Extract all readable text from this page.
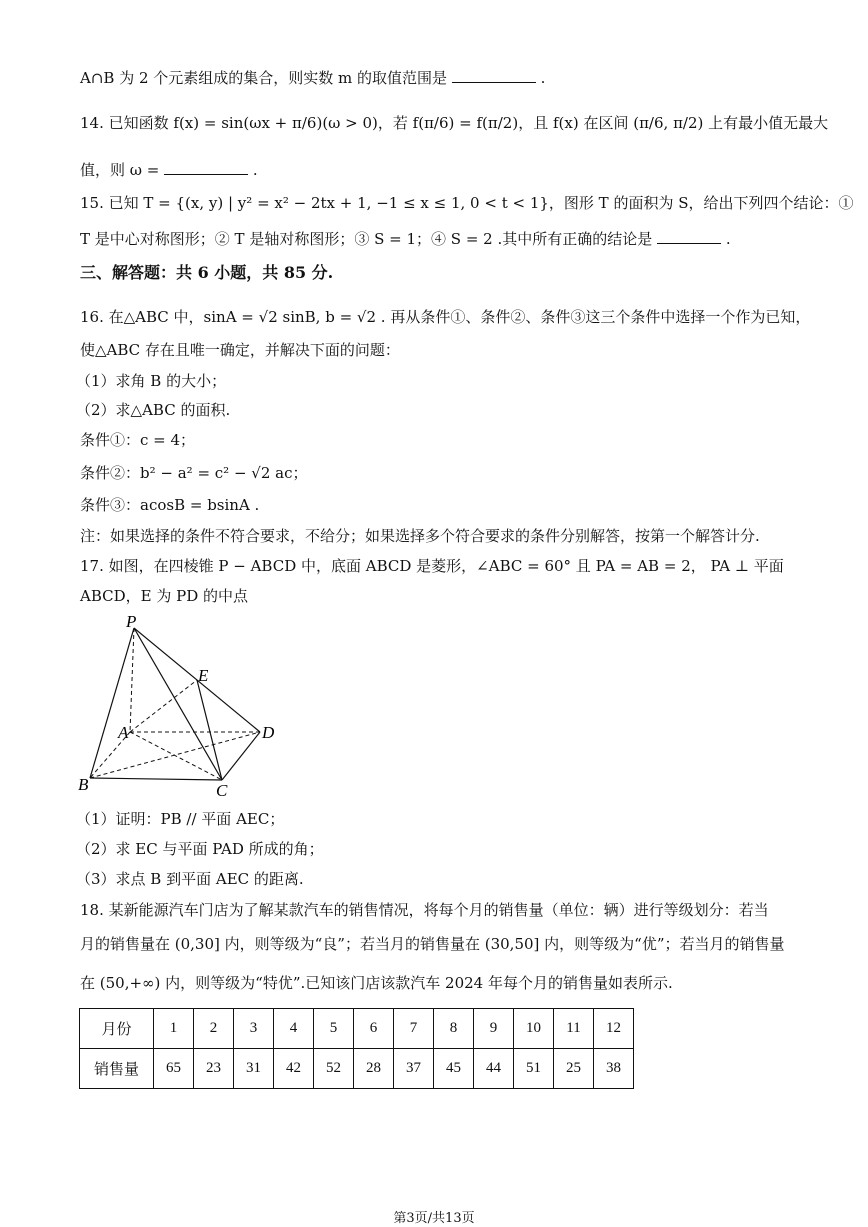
A∩B 为 2 个元素组成的集合，则实数 m 的取值范围是	.
14. 已知函数 f(x) = sin(ωx + π/6)(ω > 0)，若 f(π/6) = f(π/2)，且 f(x) 在区间 (π/6, π/2) 上有最小值无最大
值，则 ω =	.
15. 已知 T = {(x, y) | y² = x² − 2tx + 1, −1 ≤ x ≤ 1, 0 < t < 1}，图形 T 的面积为 S，给出下列四个结论：①
T 是中心对称图形；② T 是轴对称图形；③ S = 1；④ S = 2 .其中所有正确的结论是	.
三、解答题：共 6 小题，共 85 分.
16. 在△ABC 中，sinA = √2 sinB, b = √2 . 再从条件①、条件②、条件③这三个条件中选择一个作为已知，
使△ABC 存在且唯一确定，并解决下面的问题：
（1）求角 B 的大小；
（2）求△ABC 的面积.
条件①：c = 4；
条件②：b² − a² = c² − √2 ac；
条件③：acosB = bsinA .
注：如果选择的条件不符合要求，不给分；如果选择多个符合要求的条件分别解答，按第一个解答计分.
17. 如图，在四棱锥 P − ABCD 中，底面 ABCD 是菱形，∠ABC = 60° 且 PA = AB = 2， PA ⊥ 平面
ABCD，E 为 PD 的中点
P
E
A	D
B	C
（1）证明：PB // 平面 AEC；
（2）求 EC 与平面 PAD 所成的角；
（3）求点 B 到平面 AEC 的距离.
18. 某新能源汽车门店为了解某款汽车的销售情况，将每个月的销售量（单位：辆）进行等级划分：若当
月的销售量在 (0,30] 内，则等级为“良”；若当月的销售量在 (30,50] 内，则等级为“优”；若当月的销售量
在 (50,+∞) 内，则等级为“特优”.已知该门店该款汽车 2024 年每个月的销售量如表所示.
月份	1	2	3	4	5	6	7	8	9	10	11	12
销售量	65	23	31	42	52	28	37	45	44	51	25	38
第3页/共13页
